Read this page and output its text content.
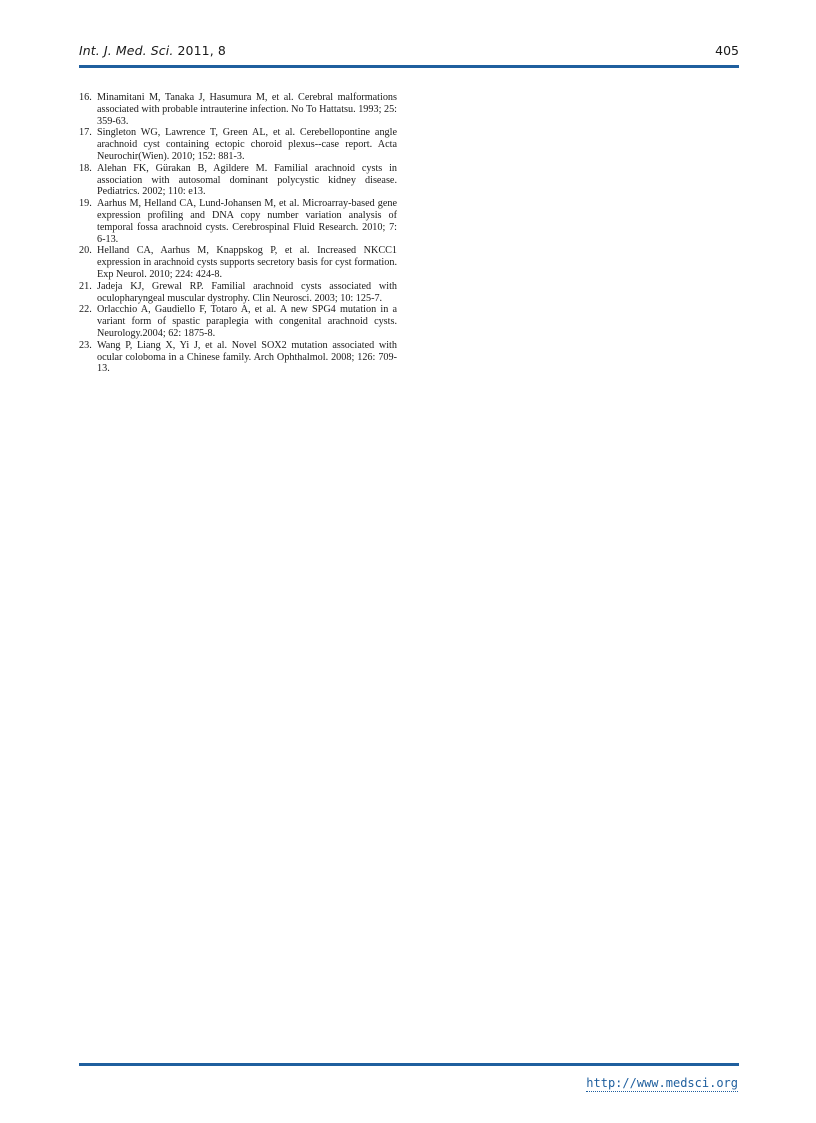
Int. J. Med. Sci. 2011, 8	405
16. Minamitani M, Tanaka J, Hasumura M, et al. Cerebral malformations associated with probable intrauterine infection. No To Hattatsu. 1993; 25: 359-63.
17. Singleton WG, Lawrence T, Green AL, et al. Cerebellopontine angle arachnoid cyst containing ectopic choroid plexus--case report. Acta Neurochir(Wien). 2010; 152: 881-3.
18. Alehan FK, Gürakan B, Agildere M. Familial arachnoid cysts in association with autosomal dominant polycystic kidney disease. Pediatrics. 2002; 110: e13.
19. Aarhus M, Helland CA, Lund-Johansen M, et al. Microarray-based gene expression profiling and DNA copy number variation analysis of temporal fossa arachnoid cysts. Cerebrospinal Fluid Research. 2010; 7: 6-13.
20. Helland CA, Aarhus M, Knappskog P, et al. Increased NKCC1 expression in arachnoid cysts supports secretory basis for cyst formation. Exp Neurol. 2010; 224: 424-8.
21. Jadeja KJ, Grewal RP. Familial arachnoid cysts associated with oculopharyngeal muscular dystrophy. Clin Neurosci. 2003; 10: 125-7.
22. Orlacchio A, Gaudiello F, Totaro A, et al. A new SPG4 mutation in a variant form of spastic paraplegia with congenital arachnoid cysts. Neurology.2004; 62: 1875-8.
23. Wang P, Liang X, Yi J, et al. Novel SOX2 mutation associated with ocular coloboma in a Chinese family. Arch Ophthalmol. 2008; 126: 709-13.
http://www.medsci.org
